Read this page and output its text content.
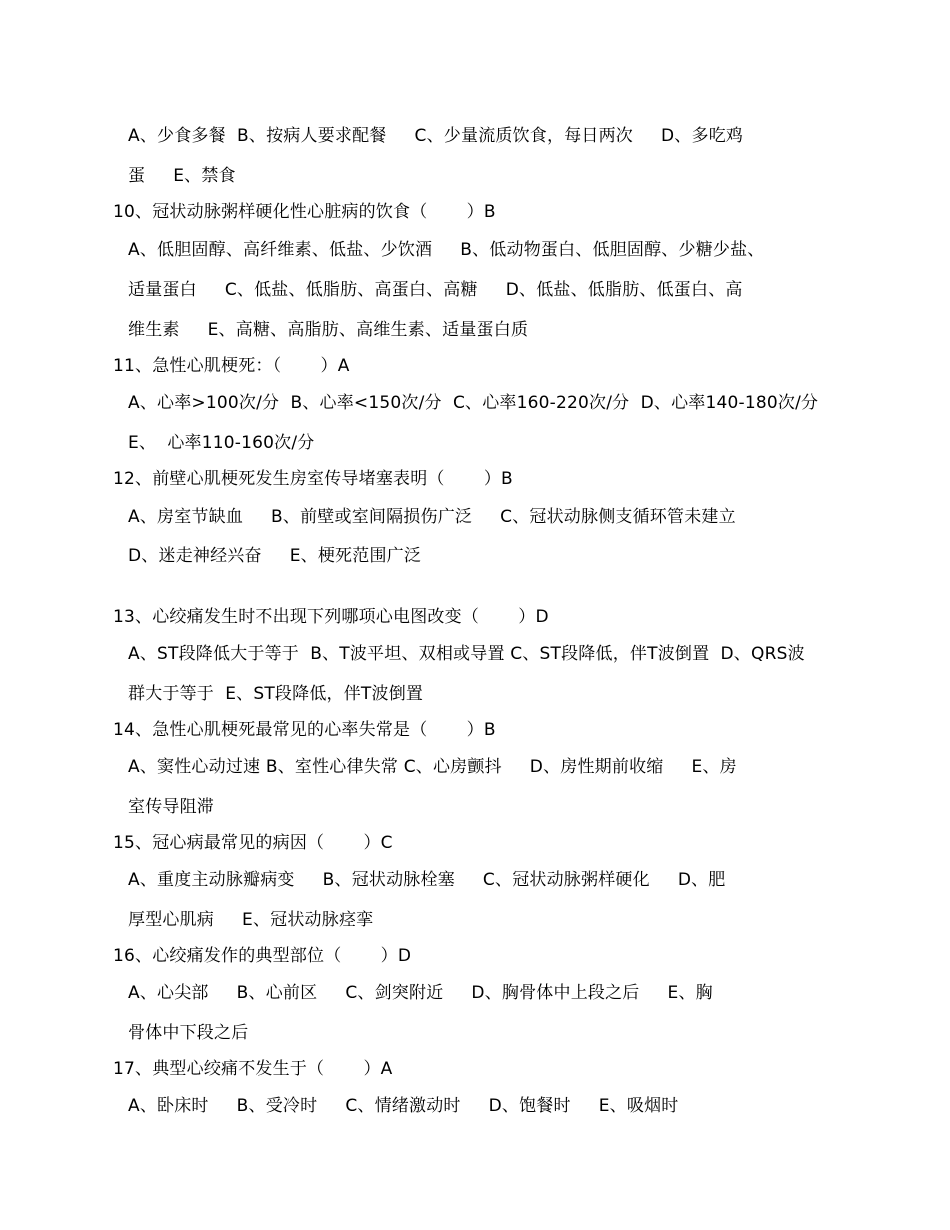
A、少食多餐  B、按病人要求配餐     C、少量流质饮食，每日两次     D、多吃鸡
蛋     E、禁食
10、冠状动脉粥样硬化性心脏病的饮食（       ）B
A、低胆固醇、高纤维素、低盐、少饮酒     B、低动物蛋白、低胆固醇、少糖少盐、
适量蛋白     C、低盐、低脂肪、高蛋白、高糖     D、低盐、低脂肪、低蛋白、高
维生素     E、高糖、高脂肪、高维生素、适量蛋白质
11、急性心肌梗死：（       ）A
A、心率>100次/分  B、心率<150次/分  C、心率160-220次/分  D、心率140-180次/分
E、  心率110-160次/分
12、前壁心肌梗死发生房室传导堵塞表明（       ）B
A、房室节缺血     B、前壁或室间隔损伤广泛     C、冠状动脉侧支循环管未建立
D、迷走神经兴奋     E、梗死范围广泛
13、心绞痛发生时不出现下列哪项心电图改变（       ）D
A、ST段降低大于等于  B、T波平坦、双相或导置 C、ST段降低，伴T波倒置  D、QRS波
群大于等于  E、ST段降低，伴T波倒置
14、急性心肌梗死最常见的心率失常是（       ）B
A、窦性心动过速 B、室性心律失常 C、心房颤抖     D、房性期前收缩     E、房
室传导阻滞
15、冠心病最常见的病因（       ）C
A、重度主动脉瓣病变     B、冠状动脉栓塞     C、冠状动脉粥样硬化     D、肥
厚型心肌病     E、冠状动脉痉挛
16、心绞痛发作的典型部位（       ）D
A、心尖部     B、心前区     C、剑突附近     D、胸骨体中上段之后     E、胸
骨体中下段之后
17、典型心绞痛不发生于（       ）A
A、卧床时     B、受冷时     C、情绪激动时     D、饱餐时     E、吸烟时
